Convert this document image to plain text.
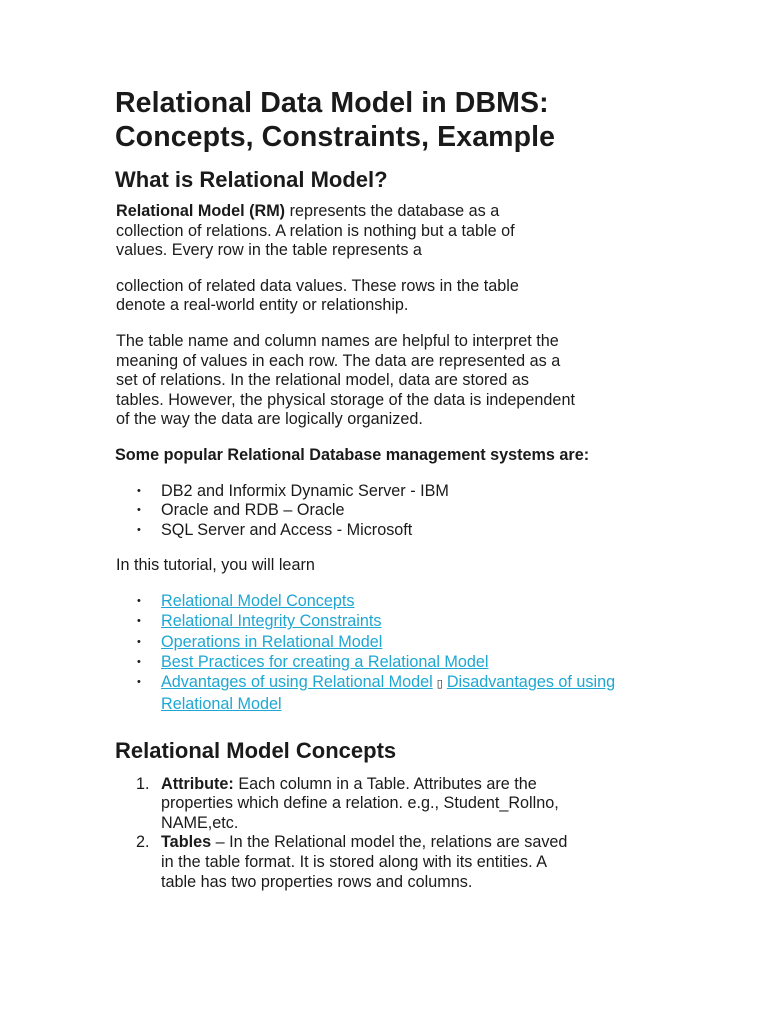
Relational Data Model in DBMS: Concepts, Constraints, Example
What is Relational Model?

Relational Model (RM) represents the database as a collection of relations. A relation is nothing but a table of values. Every row in the table represents a

collection of related data values. These rows in the table denote a real-world entity or relationship.

The table name and column names are helpful to interpret the meaning of values in each row. The data are represented as a set of relations. In the relational model, data are stored as tables. However, the physical storage of the data is independent of the way the data are logically organized.

Some popular Relational Database management systems are:

• DB2 and Informix Dynamic Server - IBM
• Oracle and RDB – Oracle
• SQL Server and Access - Microsoft

In this tutorial, you will learn

• Relational Model Concepts
• Relational Integrity Constraints
• Operations in Relational Model
• Best Practices for creating a Relational Model
• Advantages of using Relational Model ▯ Disadvantages of using Relational Model
Relational Model Concepts
1. Attribute: Each column in a Table. Attributes are the properties which define a relation. e.g., Student_Rollno, NAME,etc.
2. Tables – In the Relational model the, relations are saved in the table format. It is stored along with its entities. A table has two properties rows and columns.
